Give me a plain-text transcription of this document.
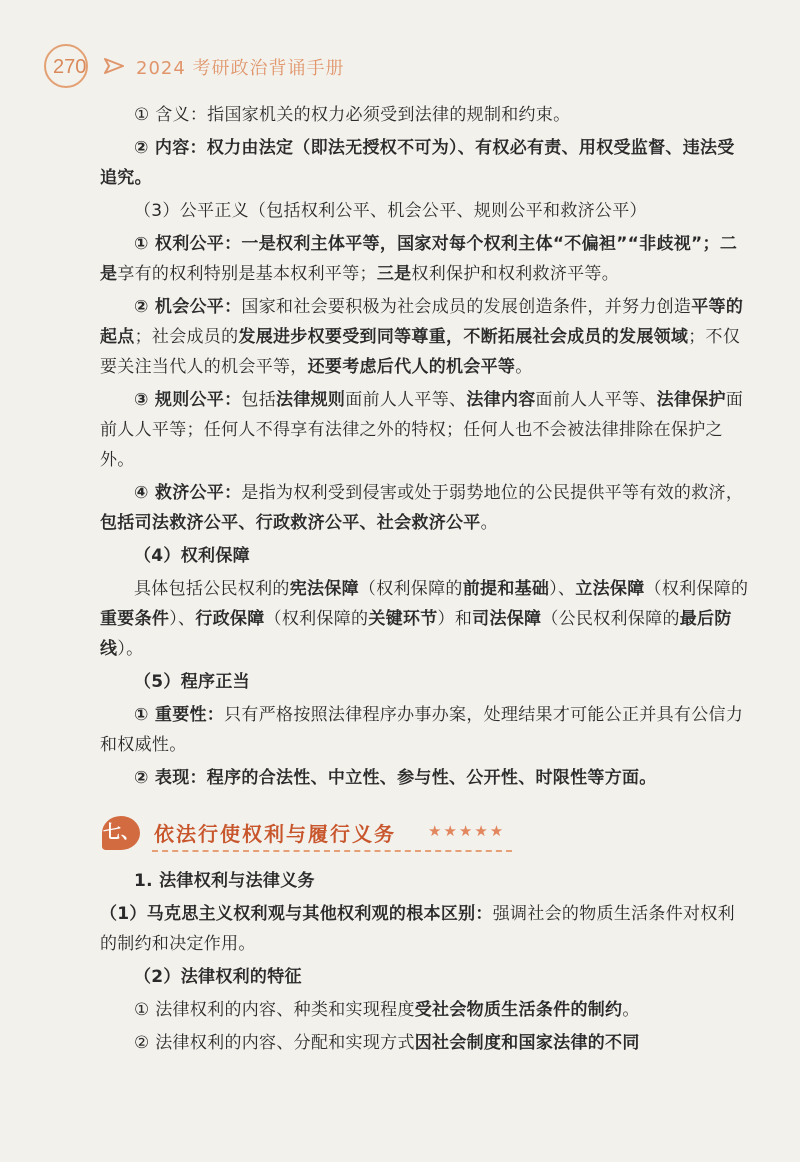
270	2024 考研政治背诵手册

① 含义：指国家机关的权力必须受到法律的规制和约束。

② 内容：权力由法定（即法无授权不可为）、有权必有责、用权受监督、违法受追究。

（3）公平正义（包括权利公平、机会公平、规则公平和救济公平）

① 权利公平：一是权利主体平等，国家对每个权利主体“不偏袒”“非歧视”；二是享有的权利特别是基本权利平等；三是权利保护和权利救济平等。

② 机会公平：国家和社会要积极为社会成员的发展创造条件，并努力创造平等的起点；社会成员的发展进步权要受到同等尊重，不断拓展社会成员的发展领域；不仅要关注当代人的机会平等，还要考虑后代人的机会平等。

③ 规则公平：包括法律规则面前人人平等、法律内容面前人人平等、法律保护面前人人平等；任何人不得享有法律之外的特权；任何人也不会被法律排除在保护之外。

④ 救济公平：是指为权利受到侵害或处于弱势地位的公民提供平等有效的救济，包括司法救济公平、行政救济公平、社会救济公平。

（4）权利保障

具体包括公民权利的宪法保障（权利保障的前提和基础）、立法保障（权利保障的重要条件）、行政保障（权利保障的关键环节）和司法保障（公民权利保障的最后防线）。

（5）程序正当

① 重要性：只有严格按照法律程序办事办案，处理结果才可能公正并具有公信力和权威性。

② 表现：程序的合法性、中立性、参与性、公开性、时限性等方面。

七、 依法行使权利与履行义务 ★★★★★

1. 法律权利与法律义务

（1）马克思主义权利观与其他权利观的根本区别：强调社会的物质生活条件对权利的制约和决定作用。

（2）法律权利的特征

① 法律权利的内容、种类和实现程度受社会物质生活条件的制约。

② 法律权利的内容、分配和实现方式因社会制度和国家法律的不同
